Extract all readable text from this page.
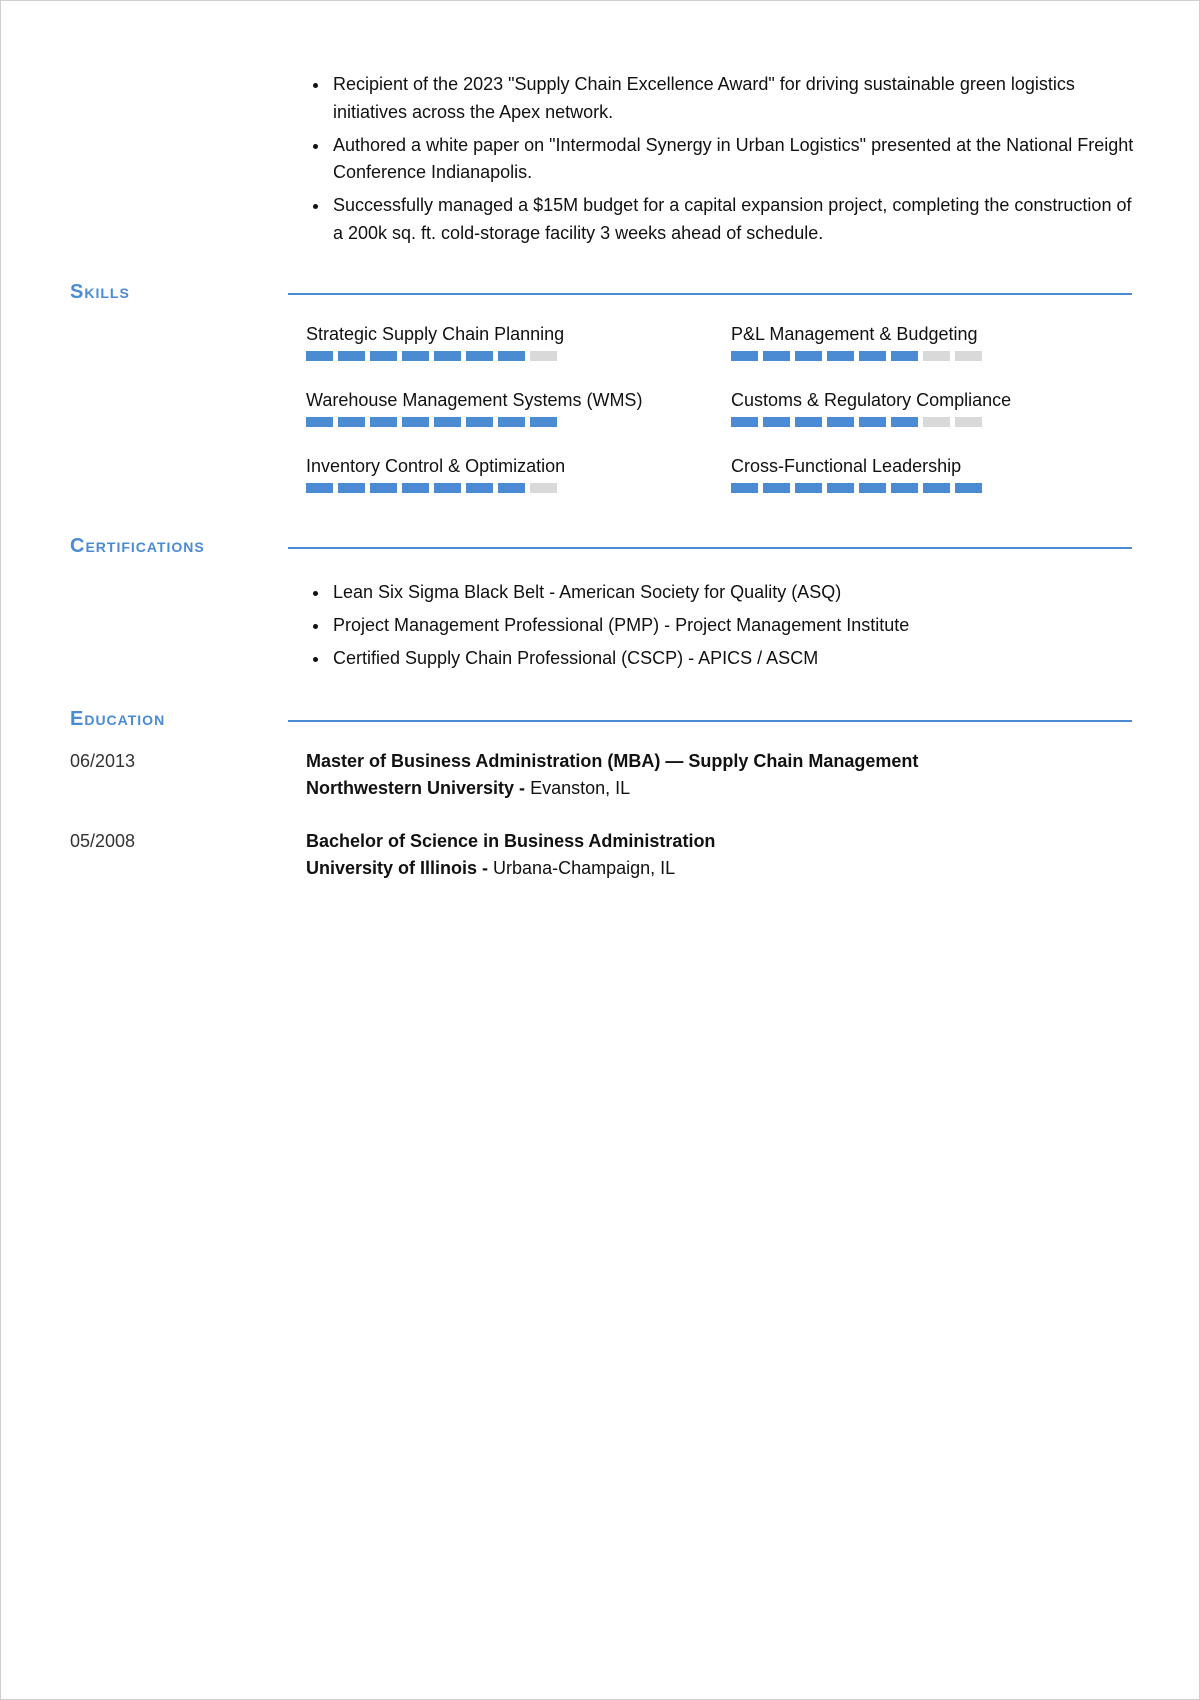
• Recipient of the 2023 "Supply Chain Excellence Award" for driving sustainable green logistics initiatives across the Apex network.
• Authored a white paper on "Intermodal Synergy in Urban Logistics" presented at the National Freight Conference Indianapolis.
• Successfully managed a $15M budget for a capital expansion project, completing the construction of a 200k sq. ft. cold-storage facility 3 weeks ahead of schedule.
Skills
Strategic Supply Chain Planning	P&L Management & Budgeting
Warehouse Management Systems (WMS)	Customs & Regulatory Compliance
Inventory Control & Optimization	Cross-Functional Leadership
Certifications
• Lean Six Sigma Black Belt - American Society for Quality (ASQ)
• Project Management Professional (PMP) - Project Management Institute
• Certified Supply Chain Professional (CSCP) - APICS / ASCM
Education
06/2013	Master of Business Administration (MBA) — Supply Chain Management
Northwestern University - Evanston, IL
05/2008	Bachelor of Science in Business Administration
University of Illinois - Urbana-Champaign, IL
